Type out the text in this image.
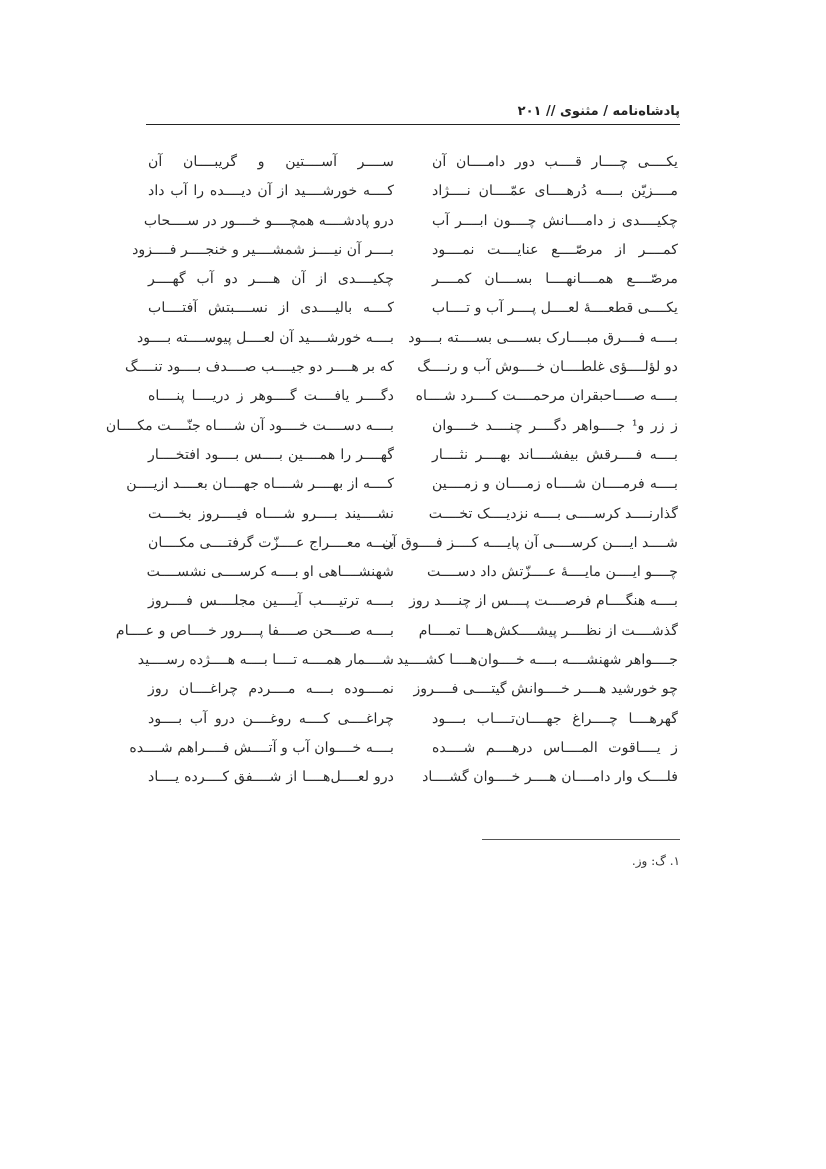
پادشاه‌نامه / مثنوی // ۲۰۱
یکــــی چــــار قــــب دور دامــــان آن
مــــزیّن بــــه دُرهــــای عمّــــان نــــژاد
چکیــــدی ز دامــــانش چــــون ابــــر آب
کمــــر از مرصّــــع عنایــــت نمــــود
مرصّــــع همــــانهــــا بســــان کمــــر
یکــــی قطعــــهٔ لعــــل پــــر آب و تــــاب
بــــه فــــرق مبــــارک بســــی بســــته بــــود
دو لؤلــــؤی غلطــــان خــــوش آب و رنــــگ
بــــه صــــاحبقران مرحمــــت کــــرد شــــاه
ز زر و¹ جــــواهر دگــــر چنــــد خــــوان
بــــه فــــرقش بیفشــــاند بهــــر نثــــار
بــــه فرمــــان شــــاه زمــــان و زمــــین
گذارنــــد کرســــی بــــه نزدیــــک تخــــت
شــــد ایــــن کرســــی آن پایــــه کــــز فــــوق آن
چــــو ایــــن مایــــهٔ عــــزّتش داد دســــت
بــــه هنگــــام فرصــــت پــــس از چنــــد روز
گذشــــت از نظــــر پیشــــکش‌هــــا تمــــام
جــــواهر شهنشــــه بــــه خــــوان‌هــــا کشــــید
چو خورشید هــــر خــــوانش گیتــــی فــــروز
گهرهــــا چــــراغ جهــــان‌تــــاب بــــود
ز یــــاقوت المــــاس درهــــم شــــده
فلــــک وار دامــــان هــــر خــــوان گشــــاد
ســــر آســــتین و گریبــــان آن
کــــه خورشــــید از آن دیــــده را آب داد
درو پادشــــه همچــــو خــــور در ســــحاب
بــــر آن نیــــز شمشــــیر و خنجــــر فــــزود
چکیــــدی از آن هــــر دو آب گهــــر
کــــه بالیــــدی از نســــبتش آفتــــاب
بــــه خورشــــید آن لعــــل پیوســــته بــــود
که بر هــــر دو جیــــب صــــدف بــــود تنــــگ
دگــــر یافــــت گــــوهر ز دریــــا پنــــاه
بــــه دســــت خــــود آن شــــاه جنّــــت مکــــان
گهــــر را همــــین بــــس بــــود افتخــــار
کــــه از بهــــر شــــاه جهــــان بعــــد ازیــــن
نشــــیند بــــرو شــــاه فیــــروز بخــــت
بــــه معــــراج عــــزّت گرفتــــی مکــــان
شهنشــــاهی او بــــه کرســــی نشســــت
بــــه ترتیــــب آیــــین مجلــــس فــــروز
بــــه صــــحن صــــفا پــــرور خــــاص و عــــام
شــــمار همــــه تــــا بــــه هــــژده رســــید
نمــــوده بــــه مــــردم چراغــــان روز
چراغــــی کــــه روغــــن درو آب بــــود
بــــه خــــوان آب و آتــــش فــــراهم شــــده
درو لعــــل‌هــــا از شــــفق کــــرده یــــاد
۱. گ: وز.
